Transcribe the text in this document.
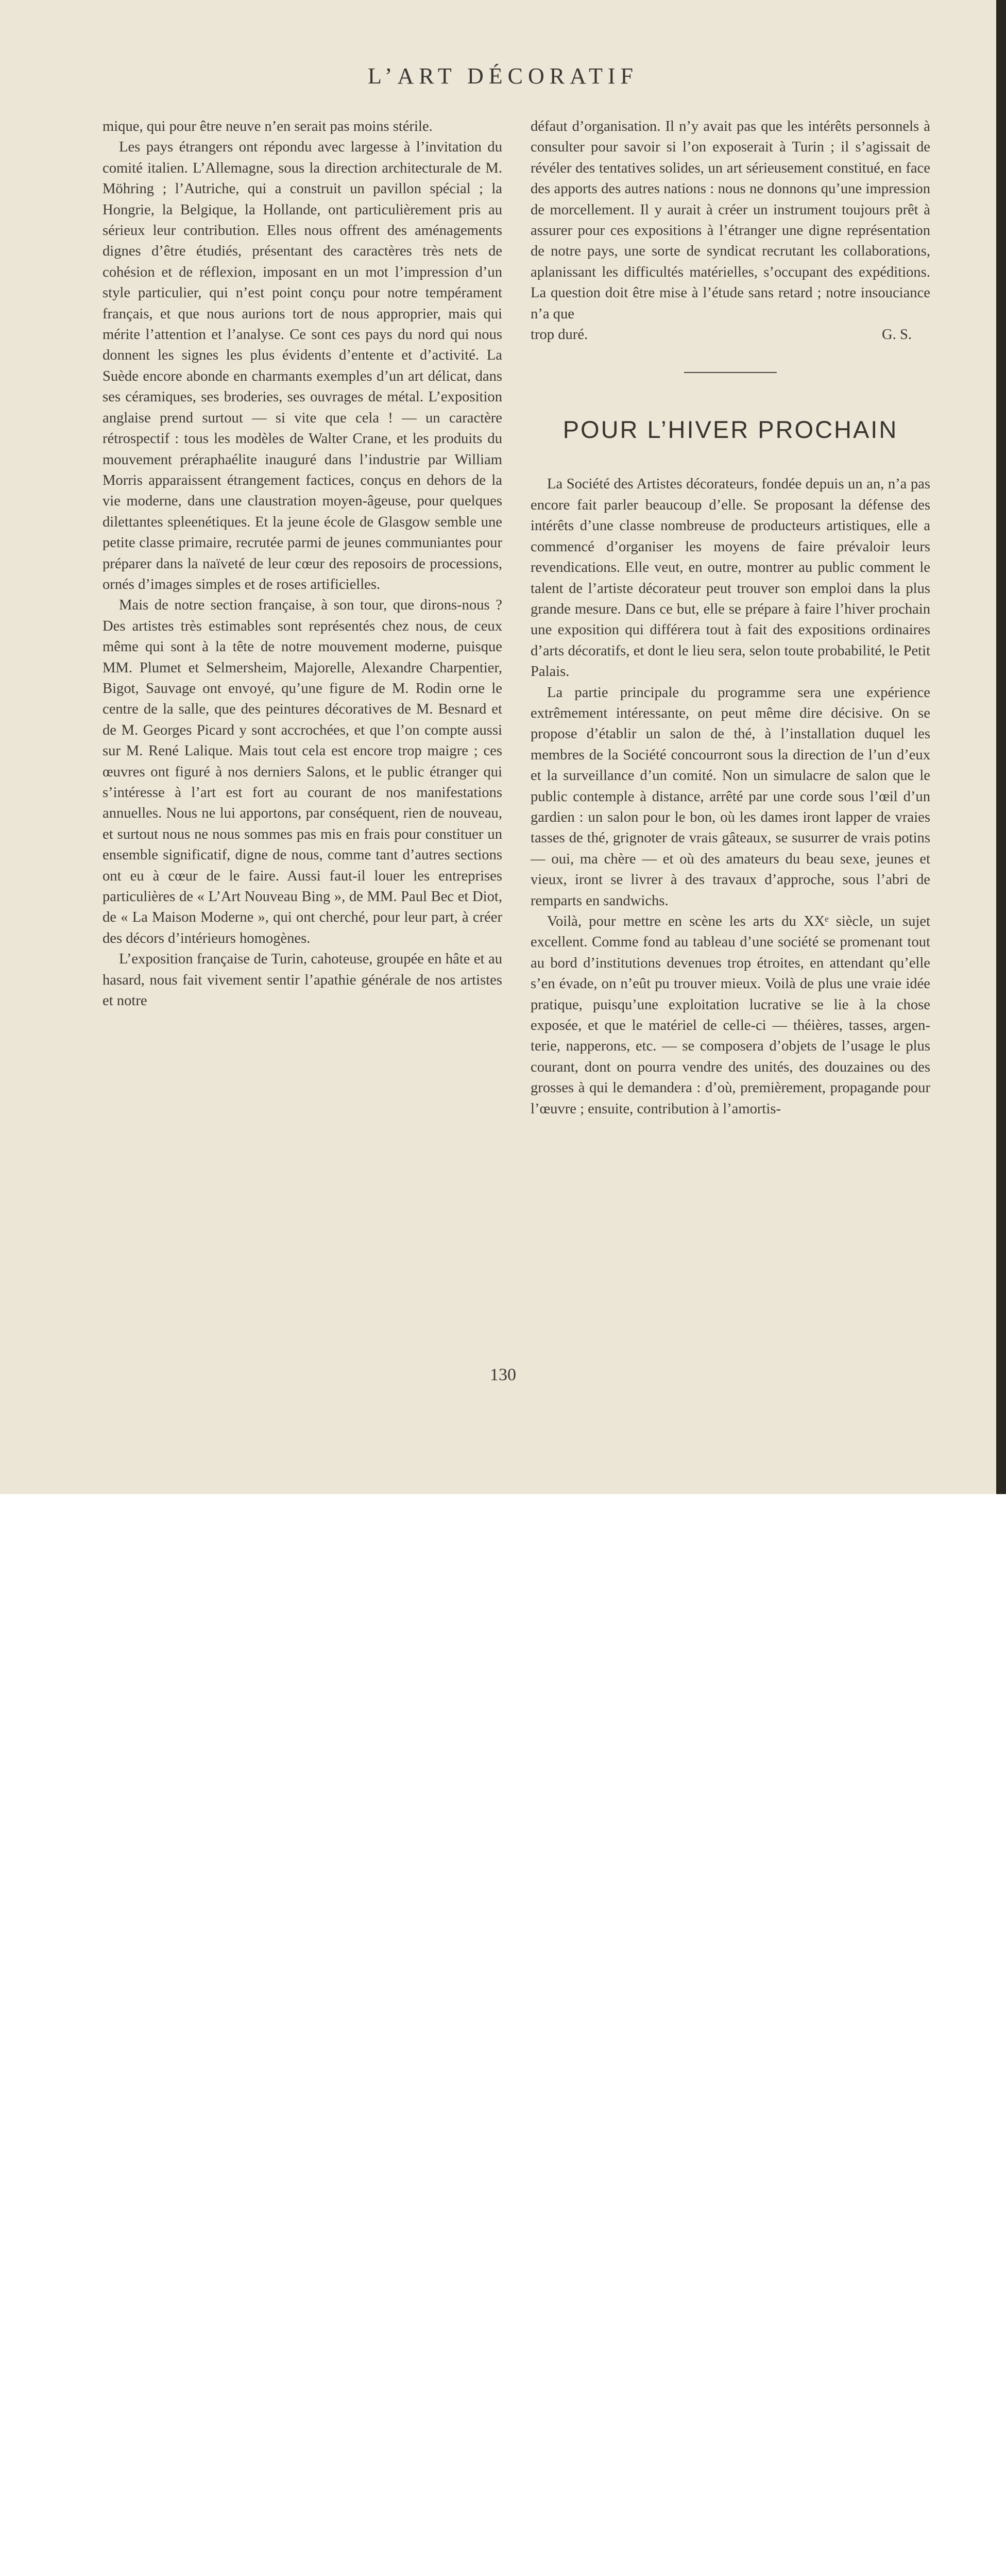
L’ART DÉCORATIF

mique, qui pour être neuve n’en serait pas moins stérile.

Les pays étrangers ont répondu avec largesse à l’invitation du comité italien. L’Allemagne, sous la direction architecturale de M. Möhring ; l’Autriche, qui a construit un pavillon spécial ; la Hongrie, la Belgique, la Hollande, ont particulièrement pris au sérieux leur contribution. Elles nous offrent des aménagements dignes d’être étudiés, présentant des caractères très nets de cohésion et de réflexion, imposant en un mot l’impression d’un style particulier, qui n’est point conçu pour notre tempérament français, et que nous aurions tort de nous approprier, mais qui mérite l’attention et l’analyse. Ce sont ces pays du nord qui nous donnent les signes les plus évidents d’entente et d’activité. La Suède encore abonde en charmants exemples d’un art délicat, dans ses céramiques, ses broderies, ses ouvrages de métal. L’exposition anglaise prend surtout — si vite que cela ! — un caractère rétrospectif : tous les modèles de Walter Crane, et les produits du mouvement préraphaélite inauguré dans l’industrie par William Morris apparaissent étrangement factices, conçus en dehors de la vie moderne, dans une claustration moyen-âgeuse, pour quelques dilettantes spleenétiques. Et la jeune école de Glasgow semble une petite classe primaire, recrutée parmi de jeunes communiantes pour préparer dans la naïveté de leur cœur des reposoirs de processions, ornés d’images simples et de roses artificielles.

Mais de notre section française, à son tour, que dirons-nous ? Des artistes très estimables sont représentés chez nous, de ceux même qui sont à la tête de notre mouvement moderne, puisque MM. Plumet et Selmersheim, Majorelle, Alexandre Charpentier, Bigot, Sauvage ont envoyé, qu’une figure de M. Rodin orne le centre de la salle, que des peintures décoratives de M. Besnard et de M. Georges Picard y sont accrochées, et que l’on compte aussi sur M. René Lalique. Mais tout cela est encore trop maigre ; ces œuvres ont figuré à nos derniers Salons, et le public étranger qui s’intéresse à l’art est fort au courant de nos manifestations annuelles. Nous ne lui apportons, par conséquent, rien de nouveau, et surtout nous ne nous sommes pas mis en frais pour constituer un ensemble significatif, digne de nous, comme tant d’autres sections ont eu à cœur de le faire. Aussi faut-il louer les entreprises particulières de « L’Art Nouveau Bing », de MM. Paul Bec et Diot, de « La Maison Moderne », qui ont cherché, pour leur part, à créer des décors d’intérieurs homogènes.

L’exposition française de Turin, cahoteuse, groupée en hâte et au hasard, nous fait vivement sentir l’apathie générale de nos artistes et notre

défaut d’organisation. Il n’y avait pas que les intérêts personnels à consulter pour savoir si l’on exposerait à Turin ; il s’agissait de révéler des tentatives solides, un art sérieusement constitué, en face des apports des autres nations : nous ne donnons qu’une impression de morcellement. Il y aurait à créer un instrument toujours prêt à assurer pour ces expositions à l’étranger une digne représentation de notre pays, une sorte de syndicat recrutant les collaborations, aplanissant les difficultés matérielles, s’occupant des expéditions. La question doit être mise à l’étude sans retard ; notre insouciance n’a que

trop duré.	G. S.
POUR L’HIVER PROCHAIN

La Société des Artistes décorateurs, fondée depuis un an, n’a pas encore fait parler beaucoup d’elle. Se proposant la défense des intérêts d’une classe nombreuse de producteurs artistiques, elle a commencé d’organiser les moyens de faire prévaloir leurs revendications. Elle veut, en outre, montrer au public comment le talent de l’artiste décorateur peut trouver son emploi dans la plus grande mesure. Dans ce but, elle se prépare à faire l’hiver prochain une exposition qui différera tout à fait des expositions ordinaires d’arts décoratifs, et dont le lieu sera, selon toute probabilité, le Petit Palais.

La partie principale du programme sera une expérience extrêmement intéressante, on peut même dire décisive. On se propose d’établir un salon de thé, à l’installation duquel les membres de la Société concourront sous la direction de l’un d’eux et la surveillance d’un comité. Non un simulacre de salon que le public contemple à distance, arrêté par une corde sous l’œil d’un gardien : un salon pour le bon, où les dames iront lapper de vraies tasses de thé, grignoter de vrais gâteaux, se susurrer de vrais potins — oui, ma chère — et où des amateurs du beau sexe, jeunes et vieux, iront se livrer à des travaux d’approche, sous l’abri de remparts en sandwichs.

Voilà, pour mettre en scène les arts du XXᵉ siècle, un sujet excellent. Comme fond au tableau d’une société se promenant tout au bord d’institutions devenues trop étroites, en attendant qu’elle s’en évade, on n’eût pu trouver mieux. Voilà de plus une vraie idée pratique, puisqu’une exploitation lucrative se lie à la chose exposée, et que le matériel de celle-ci — théières, tasses, argenterie, napperons, etc. — se composera d’objets de l’usage le plus courant, dont on pourra vendre des unités, des douzaines ou des grosses à qui le demandera : d’où, premièrement, propagande pour l’œuvre ; ensuite, contribution à l’amortis-

130
